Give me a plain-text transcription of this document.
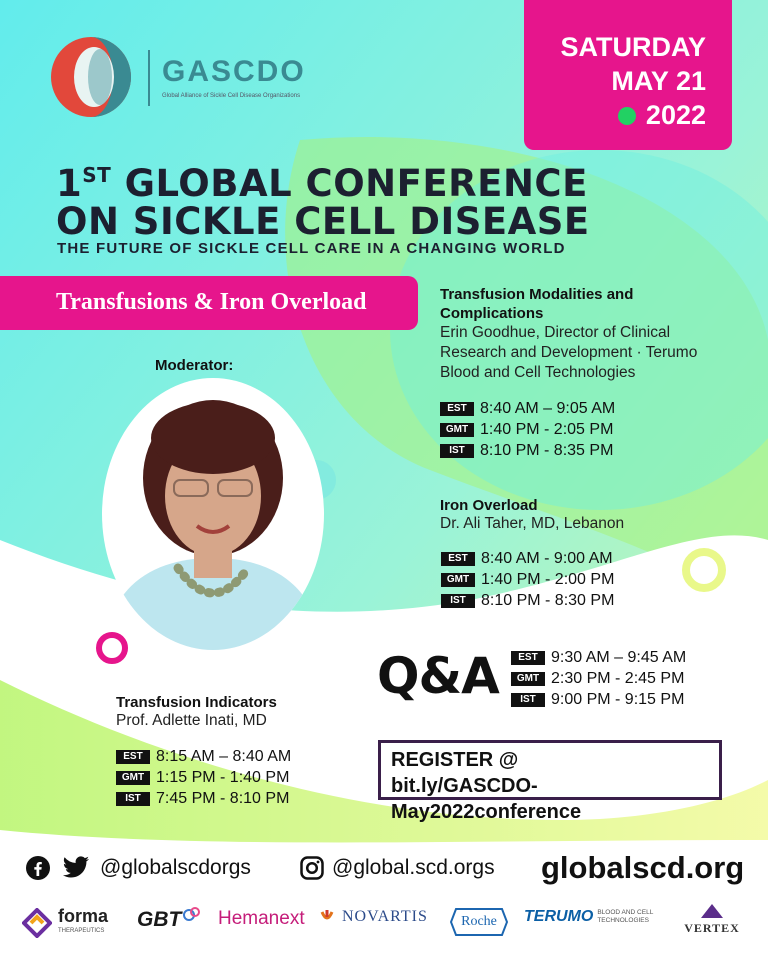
GASCDO
Global Alliance of Sickle Cell Disease Organizations
SATURDAY
MAY 21
2022
1ST GLOBAL CONFERENCE
ON SICKLE CELL DISEASE
THE FUTURE OF SICKLE CELL CARE IN A CHANGING WORLD
Transfusions & Iron Overload
Moderator:
Transfusion Modalities and Complications
Erin Goodhue, Director of Clinical Research and Development · Terumo Blood and Cell Technologies
EST 8:40 AM – 9:05 AM
GMT 1:40 PM - 2:05 PM
IST 8:10 PM - 8:35 PM
Iron Overload
Dr. Ali Taher, MD, Lebanon
EST 8:40 AM - 9:00 AM
GMT 1:40 PM - 2:00 PM
IST 8:10 PM - 8:30 PM
Q&A	EST 9:30 AM – 9:45 AM
GMT 2:30 PM - 2:45 PM
IST 9:00 PM - 9:15 PM
Transfusion Indicators
Prof. Adlette Inati, MD
EST 8:15 AM – 8:40 AM
GMT 1:15 PM - 1:40 PM
IST 7:45 PM - 8:10 PM
REGISTER @
bit.ly/GASCDO-May2022conference
@globalscdorgs	@global.scd.orgs globalscd.org
forma
THERAPEUTICS GBT Hemanext NOVARTIS	Roche	TERUMO BLOOD AND CELL
TECHNOLOGIES
VERTEX
